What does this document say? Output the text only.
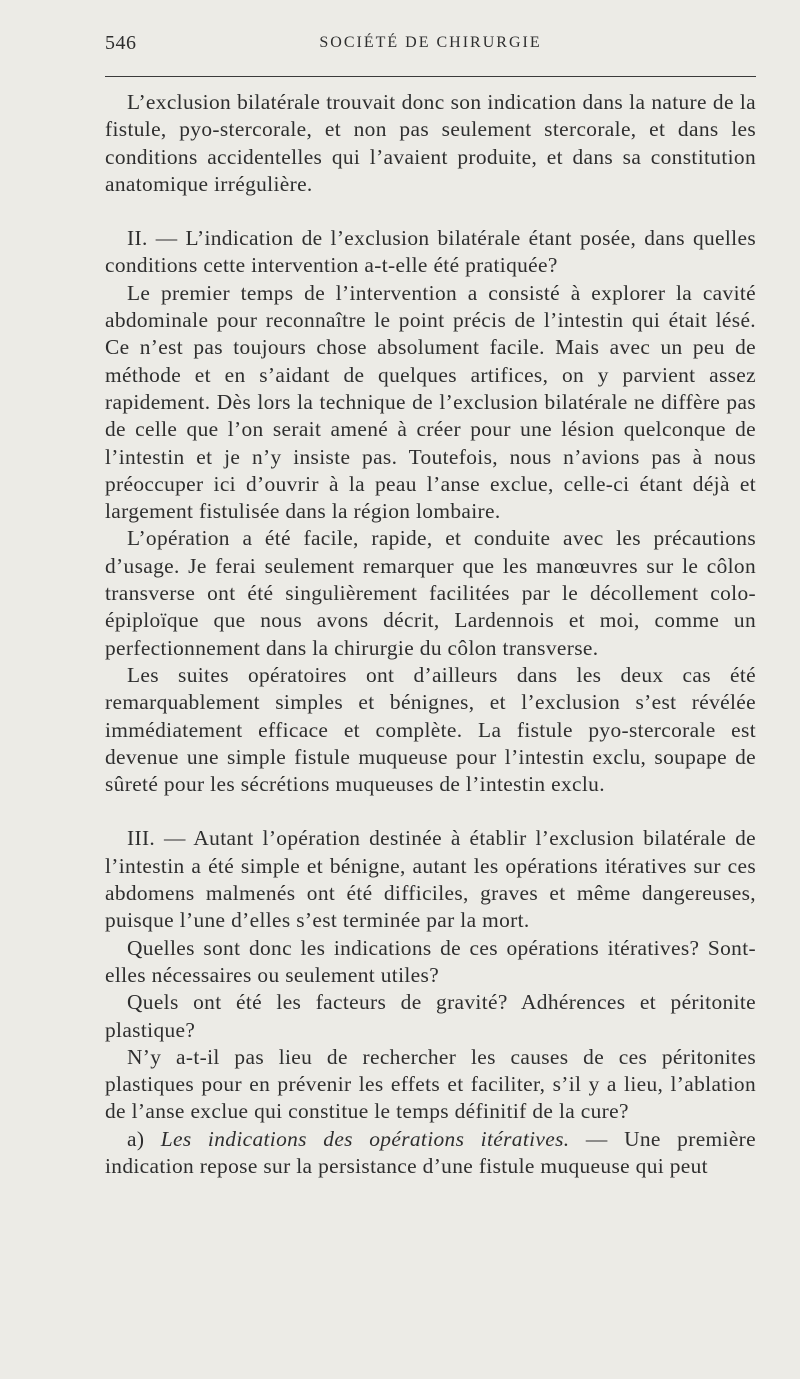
546	SOCIÉTÉ DE CHIRURGIE

L’exclusion bilatérale trouvait donc son indication dans la nature de la fistule, pyo-stercorale, et non pas seulement stercorale, et dans les conditions accidentelles qui l’avaient produite, et dans sa constitution anatomique irrégulière.

II. — L’indication de l’exclusion bilatérale étant posée, dans quelles conditions cette intervention a-t-elle été pratiquée?

Le premier temps de l’intervention a consisté à explorer la cavité abdominale pour reconnaître le point précis de l’intestin qui était lésé. Ce n’est pas toujours chose absolument facile. Mais avec un peu de méthode et en s’aidant de quelques artifices, on y parvient assez rapidement. Dès lors la technique de l’exclusion bilatérale ne diffère pas de celle que l’on serait amené à créer pour une lésion quelconque de l’intestin et je n’y insiste pas. Toutefois, nous n’avions pas à nous préoccuper ici d’ouvrir à la peau l’anse exclue, celle-ci étant déjà et largement fistulisée dans la région lombaire.

L’opération a été facile, rapide, et conduite avec les précautions d’usage. Je ferai seulement remarquer que les manœuvres sur le côlon transverse ont été singulièrement facilitées par le décollement colo-épiploïque que nous avons décrit, Lardennois et moi, comme un perfectionnement dans la chirurgie du côlon transverse.

Les suites opératoires ont d’ailleurs dans les deux cas été remarquablement simples et bénignes, et l’exclusion s’est révélée immédiatement efficace et complète. La fistule pyo-stercorale est devenue une simple fistule muqueuse pour l’intestin exclu, soupape de sûreté pour les sécrétions muqueuses de l’intestin exclu.

III. — Autant l’opération destinée à établir l’exclusion bilatérale de l’intestin a été simple et bénigne, autant les opérations itératives sur ces abdomens malmenés ont été difficiles, graves et même dangereuses, puisque l’une d’elles s’est terminée par la mort.

Quelles sont donc les indications de ces opérations itératives? Sont-elles nécessaires ou seulement utiles?

Quels ont été les facteurs de gravité? Adhérences et péritonite plastique?

N’y a-t-il pas lieu de rechercher les causes de ces péritonites plastiques pour en prévenir les effets et faciliter, s’il y a lieu, l’ablation de l’anse exclue qui constitue le temps définitif de la cure?

a) Les indications des opérations itératives. — Une première indication repose sur la persistance d’une fistule muqueuse qui peut
